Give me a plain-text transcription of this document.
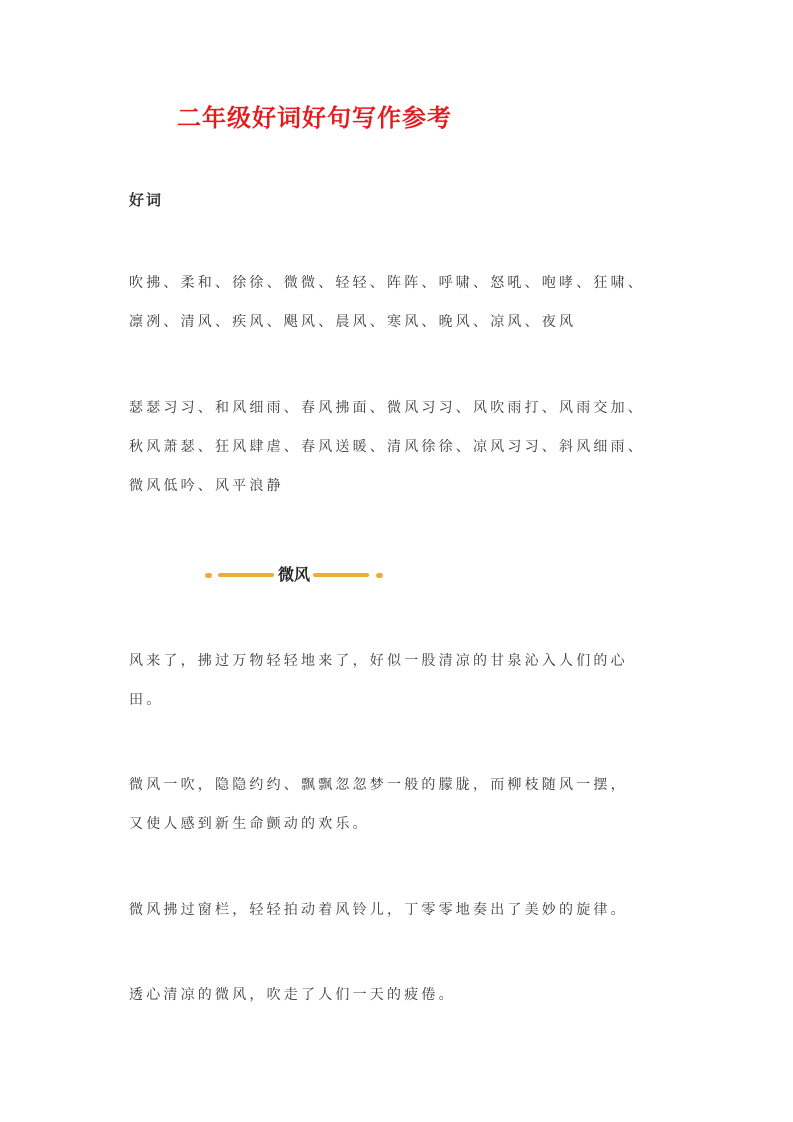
二年级好词好句写作参考
好词
吹拂、柔和、徐徐、微微、轻轻、阵阵、呼啸、怒吼、咆哮、狂啸、
凛冽、清风、疾风、飓风、晨风、寒风、晚风、凉风、夜风
瑟瑟习习、和风细雨、春风拂面、微风习习、风吹雨打、风雨交加、
秋风萧瑟、狂风肆虐、春风送暖、清风徐徐、凉风习习、斜风细雨、
微风低吟、风平浪静
微风
风来了，拂过万物轻轻地来了，好似一股清凉的甘泉沁入人们的心
田。
微风一吹，隐隐约约、飘飘忽忽梦一般的朦胧，而柳枝随风一摆，
又使人感到新生命颤动的欢乐。
微风拂过窗栏，轻轻拍动着风铃儿，丁零零地奏出了美妙的旋律。
透心清凉的微风，吹走了人们一天的疲倦。
